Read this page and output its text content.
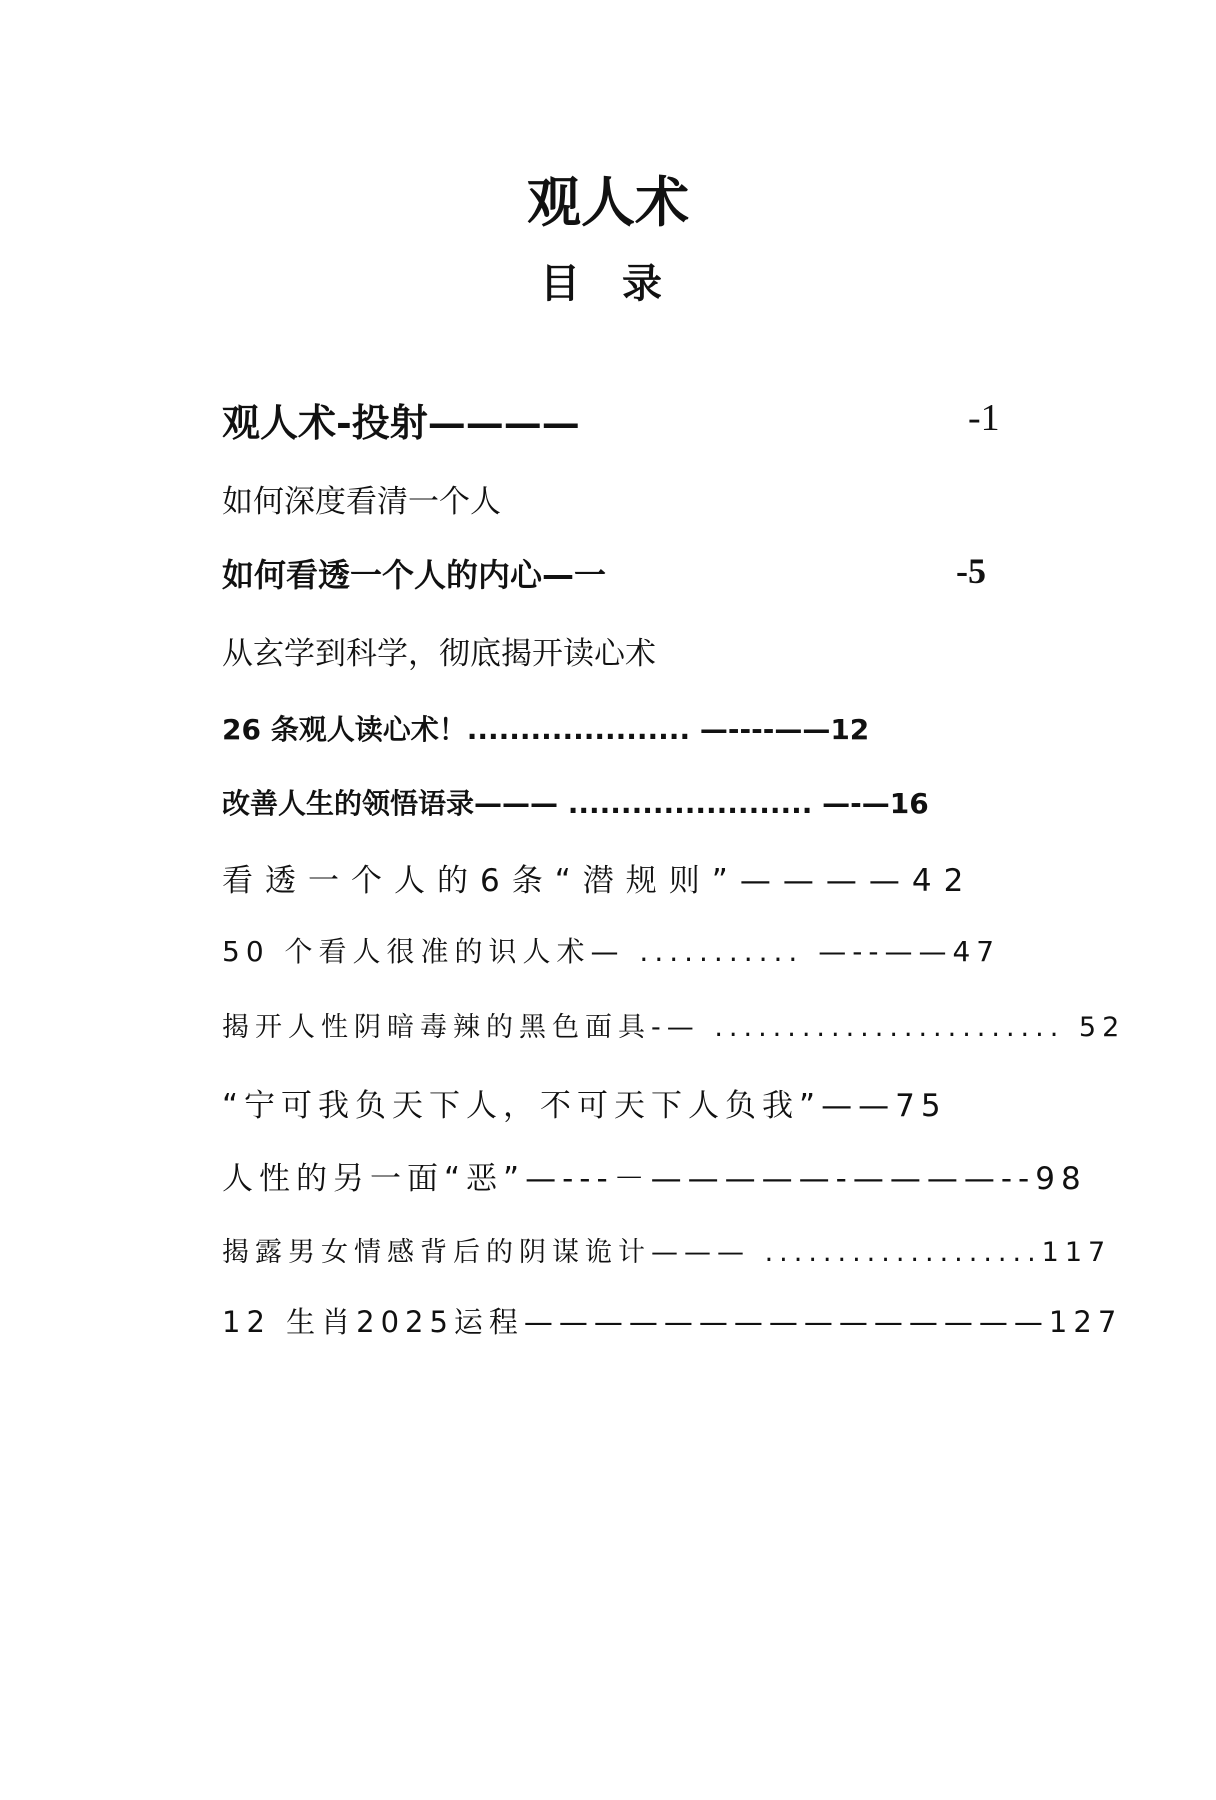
观人术
目 录
观人术-投射————	-1
如何深度看清一个人
如何看透一个人的内心—一	-5
从玄学到科学，彻底揭开读心术
26 条观人读心术！..................... —----——12
改善人生的领悟语录——— ....................... —-—16
看透一个人的6条“潜规则”————42
50 个看人很准的识人术— ........... —--——47
揭开人性阴暗毒辣的黑色面具-— ........................ 52
“宁可我负天下人，不可天下人负我”——75
人性的另一面“恶”—---－—————-————--98
揭露男女情感背后的阴谋诡计——— ...................117
12 生肖2025运程———————————————127
